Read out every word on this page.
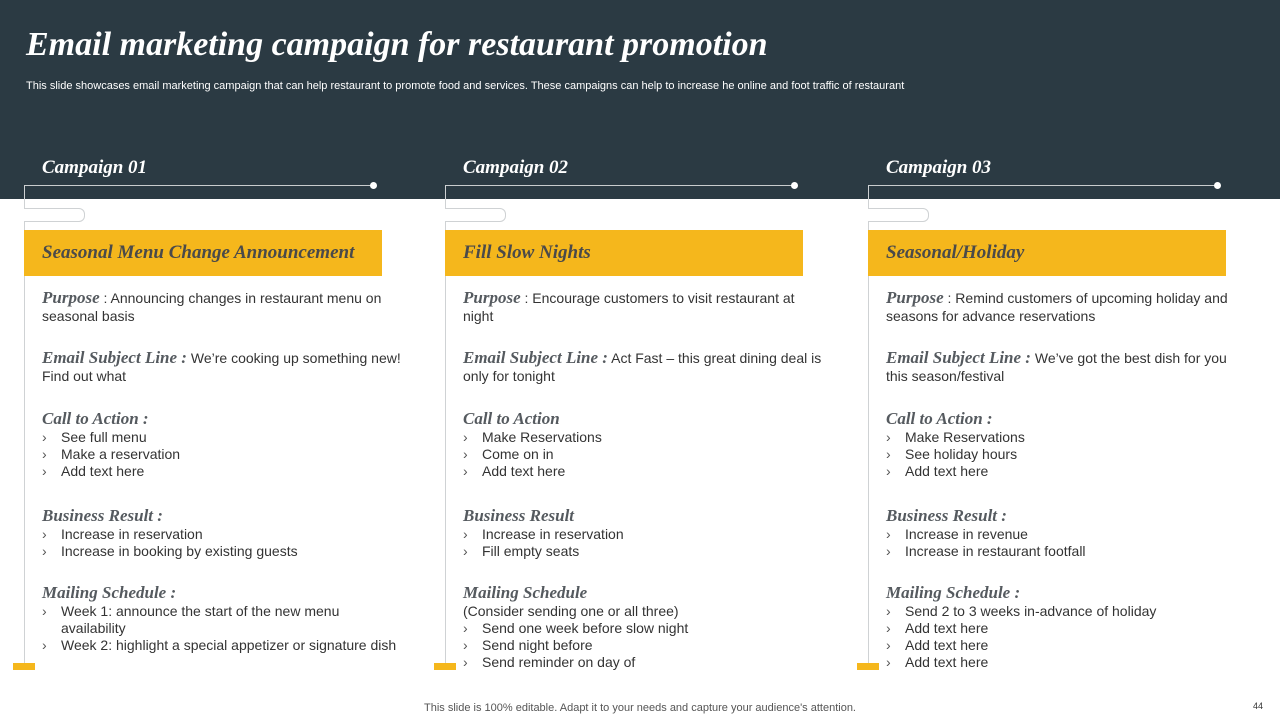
Email marketing campaign for restaurant promotion
This slide showcases email marketing campaign that can help restaurant to promote food and services. These campaigns can help to increase he online and foot traffic of restaurant
Campaign 01
Seasonal Menu Change Announcement
Purpose : Announcing changes in restaurant menu on seasonal basis
Email Subject Line : We’re cooking up something new! Find out what
Call to Action :
› See full menu
› Make a reservation
› Add text here
Business Result :
› Increase in reservation
› Increase in booking by existing guests
Mailing Schedule :
› Week 1: announce the start of the new menu availability
› Week 2: highlight a special appetizer or signature dish
Campaign 02
Fill Slow Nights
Purpose : Encourage customers to visit restaurant at night
Email Subject Line : Act Fast – this great dining deal is only for tonight
Call to Action
› Make Reservations
› Come on in
› Add text here
Business Result
› Increase in reservation
› Fill empty seats
Mailing Schedule
(Consider sending one or all three)
› Send one week before slow night
› Send night before
› Send reminder on day of
Campaign 03
Seasonal/Holiday
Purpose : Remind customers of upcoming holiday and seasons for advance reservations
Email Subject Line : We’ve got the best dish for you this season/festival
Call to Action :
› Make Reservations
› See holiday hours
› Add text here
Business Result :
› Increase in revenue
› Increase in restaurant footfall
Mailing Schedule :
› Send 2 to 3 weeks in-advance of holiday
› Add text here
› Add text here
› Add text here
This slide is 100% editable. Adapt it to your needs and capture your audience's attention.	44
